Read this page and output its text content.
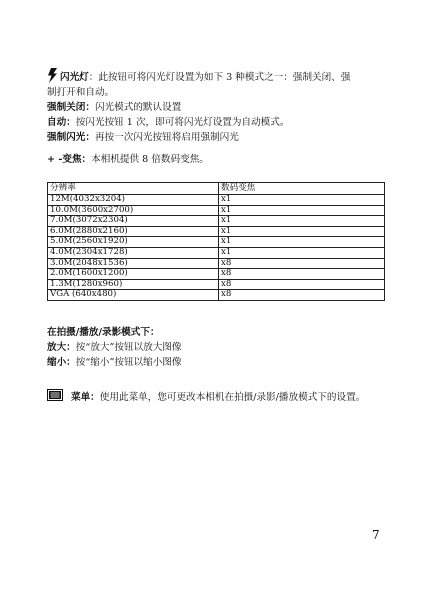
闪光灯：此按钮可将闪光灯设置为如下 3 种模式之一：强制关闭、强
制打开和自动。
强制关闭：闪光模式的默认设置
自动：按闪光按钮 1 次，即可将闪光灯设置为自动模式。
强制闪光：再按一次闪光按钮将启用强制闪光
+ -变焦：本相机提供 8 倍数码变焦。
分辨率	数码变焦
12M(4032x3204)	x1
10.0M(3600x2700)	x1
7.0M(3072x2304)	x1
6.0M(2880x2160)	x1
5.0M(2560x1920)	x1
4.0M(2304x1728)	x1
3.0M(2048x1536)	x8
2.0M(1600x1200)	x8
1.3M(1280x960)	x8
VGA (640x480)	x8
在拍摄/播放/录影模式下：
放大：按“放大”按钮以放大图像
缩小：按“缩小”按钮以缩小图像
菜单：使用此菜单，您可更改本相机在拍摄/录影/播放模式下的设置。
7
